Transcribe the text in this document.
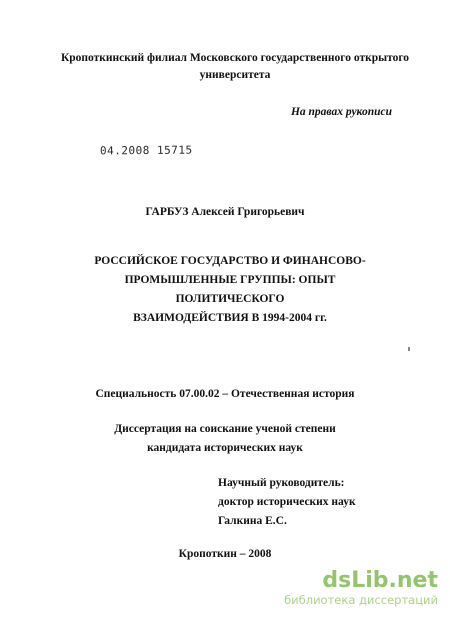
Кропоткинский филиал Московского государственного открытого
университета
На правах рукописи
04.2008 15715
ГАРБУЗ Алексей Григорьевич
РОССИЙСКОЕ ГОСУДАРСТВО И ФИНАНСОВО-
ПРОМЫШЛЕННЫЕ ГРУППЫ: ОПЫТ ПОЛИТИЧЕСКОГО
ВЗАИМОДЕЙСТВИЯ В 1994-2004 гг.
Специальность 07.00.02 – Отечественная история
Диссертация на соискание ученой степени
кандидата исторических наук
Научный руководитель:
доктор исторических наук
Галкина Е.С.
Кропоткин – 2008
dsLib.net
библиотека диссертаций
